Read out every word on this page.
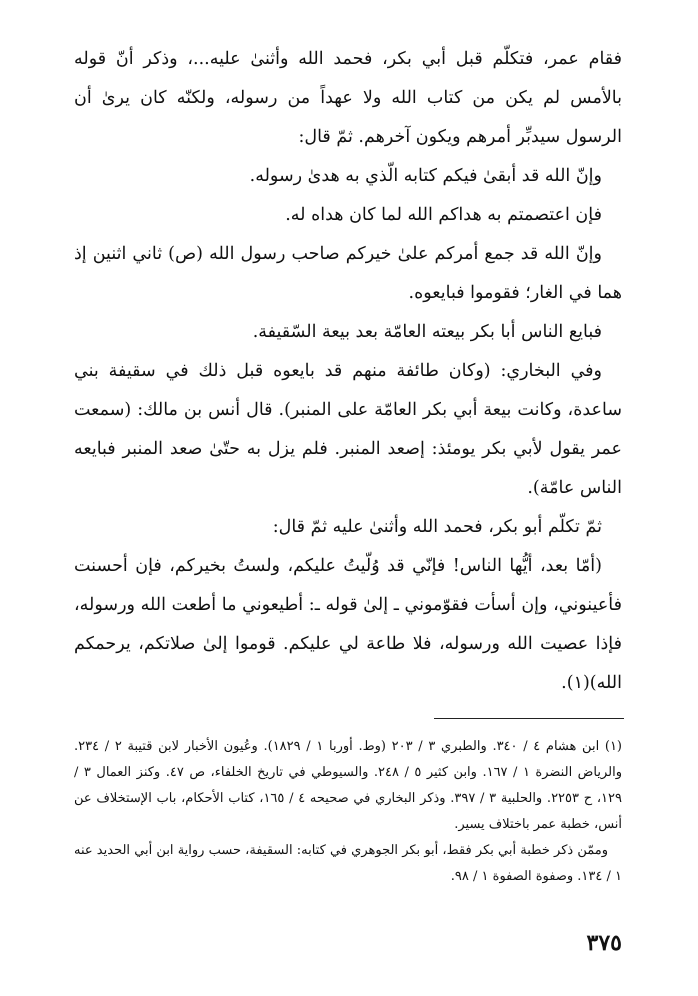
فقام عمر، فتكلّم قبل أبي بكر، فحمد الله وأثنىٰ عليه...، وذكر أنّ قوله بالأمس لم يكن من كتاب الله ولا عهداً من رسوله، ولكنّه كان يرىٰ أن الرسول سيدبِّر أمرهم ويكون آخرهم. ثمّ قال:

وإنّ الله قد أبقىٰ فيكم كتابه الّذي به هدىٰ رسوله.

فإن اعتصمتم به هداكم الله لما كان هداه له.

وإنّ الله قد جمع أمركم علىٰ خيركم صاحب رسول الله (ص) ثاني اثنين إذ هما في الغار؛ فقوموا فبايعوه.

فبايع الناس أبا بكر بيعته العامّة بعد بيعة السّقيفة.

وفي البخاري: (وكان طائفة منهم قد بايعوه قبل ذلك في سقيفة بني ساعدة، وكانت بيعة أبي بكر العامّة على المنبر). قال أنس بن مالك: (سمعت عمر يقول لأبي بكر يومئذ: إصعد المنبر. فلم يزل به حتّىٰ صعد المنبر فبايعه الناس عامّة).

ثمّ تكلّم أبو بكر، فحمد الله وأثنىٰ عليه ثمّ قال:

(أمّا بعد، أيُّها الناس! فإنّي قد وُلّيتُ عليكم، ولستُ بخيركم، فإن أحسنت فأعينوني، وإن أسأت فقوّموني ـ إلىٰ قوله ـ: أطيعوني ما أطعت الله ورسوله، فإذا عصيت الله ورسوله، فلا طاعة لي عليكم. قوموا إلىٰ صلاتكم، يرحمكم الله)(١).

(١) ابن هشام ٤ / ٣٤٠. والطبري ٣ / ٢٠٣ (وط. أوربا ١ / ١٨٢٩). وعُيون الأخبار لابن قتيبة ٢ / ٢٣٤. والرياض النضرة ١ / ١٦٧. وابن كثير ٥ / ٢٤٨. والسيوطي في تاريخ الخلفاء، ص ٤٧. وكنز العمال ٣ / ١٢٩، ح ٢٢٥٣. والحلبية ٣ / ٣٩٧. وذكر البخاري في صحيحه ٤ / ١٦٥، كتاب الأحكام، باب الإستخلاف عن أنس، خطبة عمر باختلاف يسير.

وممّن ذكر خطبة أبي بكر فقط، أبو بكر الجوهري في كتابه: السقيفة، حسب رواية ابن أبي الحديد عنه ١ / ١٣٤. وصفوة الصفوة ١ / ٩٨.

٣٧٥
